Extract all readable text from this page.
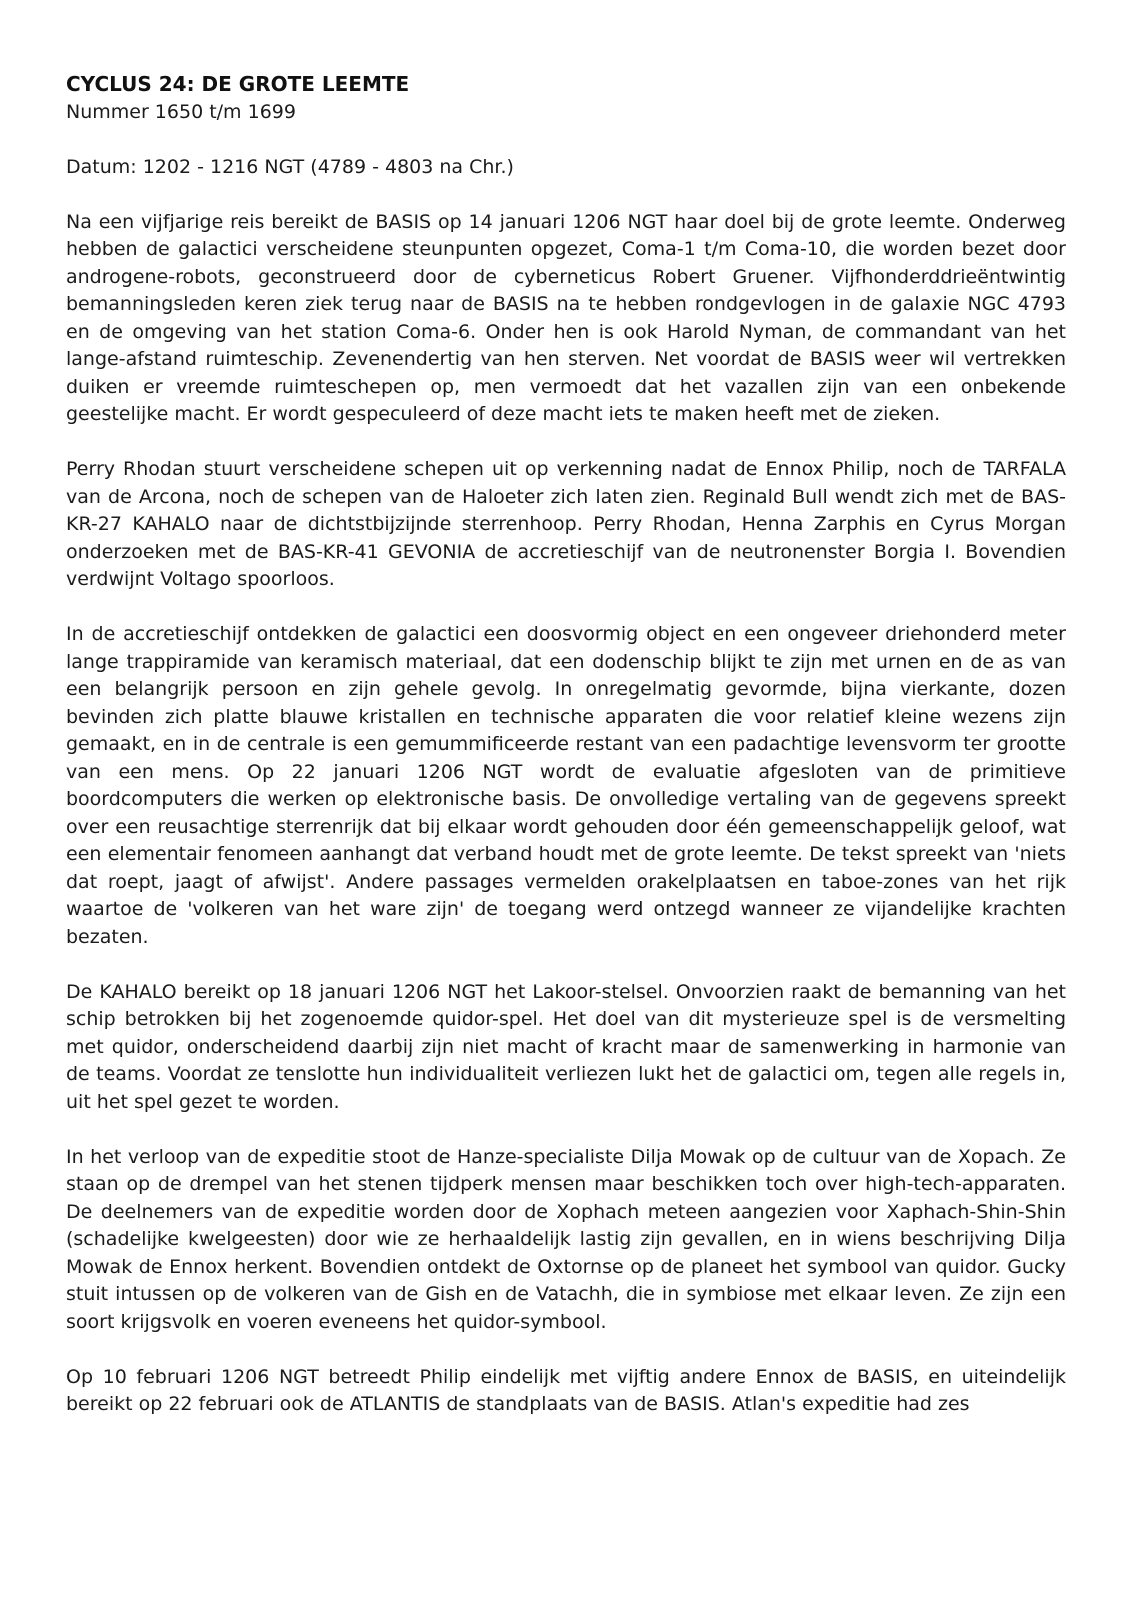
CYCLUS 24: DE GROTE LEEMTE
Nummer 1650 t/m 1699
Datum: 1202 - 1216 NGT (4789 - 4803 na Chr.)

Na een vijfjarige reis bereikt de BASIS op 14 januari 1206 NGT haar doel bij de grote leemte. Onderweg hebben de galactici verscheidene steunpunten opgezet, Coma-1 t/m Coma-10, die worden bezet door androgene-robots, geconstrueerd door de cyberneticus Robert Gruener. Vijfhonderddrieëntwintig bemanningsleden keren ziek terug naar de BASIS na te hebben rondgevlogen in de galaxie NGC 4793 en de omgeving van het station Coma-6. Onder hen is ook Harold Nyman, de commandant van het lange-afstand ruimteschip. Zevenendertig van hen sterven. Net voordat de BASIS weer wil vertrekken duiken er vreemde ruimteschepen op, men vermoedt dat het vazallen zijn van een onbekende geestelijke macht. Er wordt gespeculeerd of deze macht iets te maken heeft met de zieken.

Perry Rhodan stuurt verscheidene schepen uit op verkenning nadat de Ennox Philip, noch de TARFALA van de Arcona, noch de schepen van de Haloeter zich laten zien. Reginald Bull wendt zich met de BAS-KR-27 KAHALO naar de dichtstbijzijnde sterrenhoop. Perry Rhodan, Henna Zarphis en Cyrus Morgan onderzoeken met de BAS-KR-41 GEVONIA de accretieschijf van de neutronenster Borgia I. Bovendien verdwijnt Voltago spoorloos.

In de accretieschijf ontdekken de galactici een doosvormig object en een ongeveer driehonderd meter lange trappiramide van keramisch materiaal, dat een dodenschip blijkt te zijn met urnen en de as van een belangrijk persoon en zijn gehele gevolg. In onregelmatig gevormde, bijna vierkante, dozen bevinden zich platte blauwe kristallen en technische apparaten die voor relatief kleine wezens zijn gemaakt, en in de centrale is een gemummificeerde restant van een padachtige levensvorm ter grootte van een mens. Op 22 januari 1206 NGT wordt de evaluatie afgesloten van de primitieve boordcomputers die werken op elektronische basis. De onvolledige vertaling van de gegevens spreekt over een reusachtige sterrenrijk dat bij elkaar wordt gehouden door één gemeenschappelijk geloof, wat een elementair fenomeen aanhangt dat verband houdt met de grote leemte. De tekst spreekt van 'niets dat roept, jaagt of afwijst'. Andere passages vermelden orakelplaatsen en taboe-zones van het rijk waartoe de 'volkeren van het ware zijn' de toegang werd ontzegd wanneer ze vijandelijke krachten bezaten.

De KAHALO bereikt op 18 januari 1206 NGT het Lakoor-stelsel. Onvoorzien raakt de bemanning van het schip betrokken bij het zogenoemde quidor-spel. Het doel van dit mysterieuze spel is de versmelting met quidor, onderscheidend daarbij zijn niet macht of kracht maar de samenwerking in harmonie van de teams. Voordat ze tenslotte hun individualiteit verliezen lukt het de galactici om, tegen alle regels in, uit het spel gezet te worden.

In het verloop van de expeditie stoot de Hanze-specialiste Dilja Mowak op de cultuur van de Xopach. Ze staan op de drempel van het stenen tijdperk mensen maar beschikken toch over high-tech-apparaten. De deelnemers van de expeditie worden door de Xophach meteen aangezien voor Xaphach-Shin-Shin (schadelijke kwelgeesten) door wie ze herhaaldelijk lastig zijn gevallen, en in wiens beschrijving Dilja Mowak de Ennox herkent. Bovendien ontdekt de Oxtornse op de planeet het symbool van quidor. Gucky stuit intussen op de volkeren van de Gish en de Vatachh, die in symbiose met elkaar leven. Ze zijn een soort krijgsvolk en voeren eveneens het quidor-symbool.

Op 10 februari 1206 NGT betreedt Philip eindelijk met vijftig andere Ennox de BASIS, en uiteindelijk bereikt op 22 februari ook de ATLANTIS de standplaats van de BASIS. Atlan's expeditie had zes
